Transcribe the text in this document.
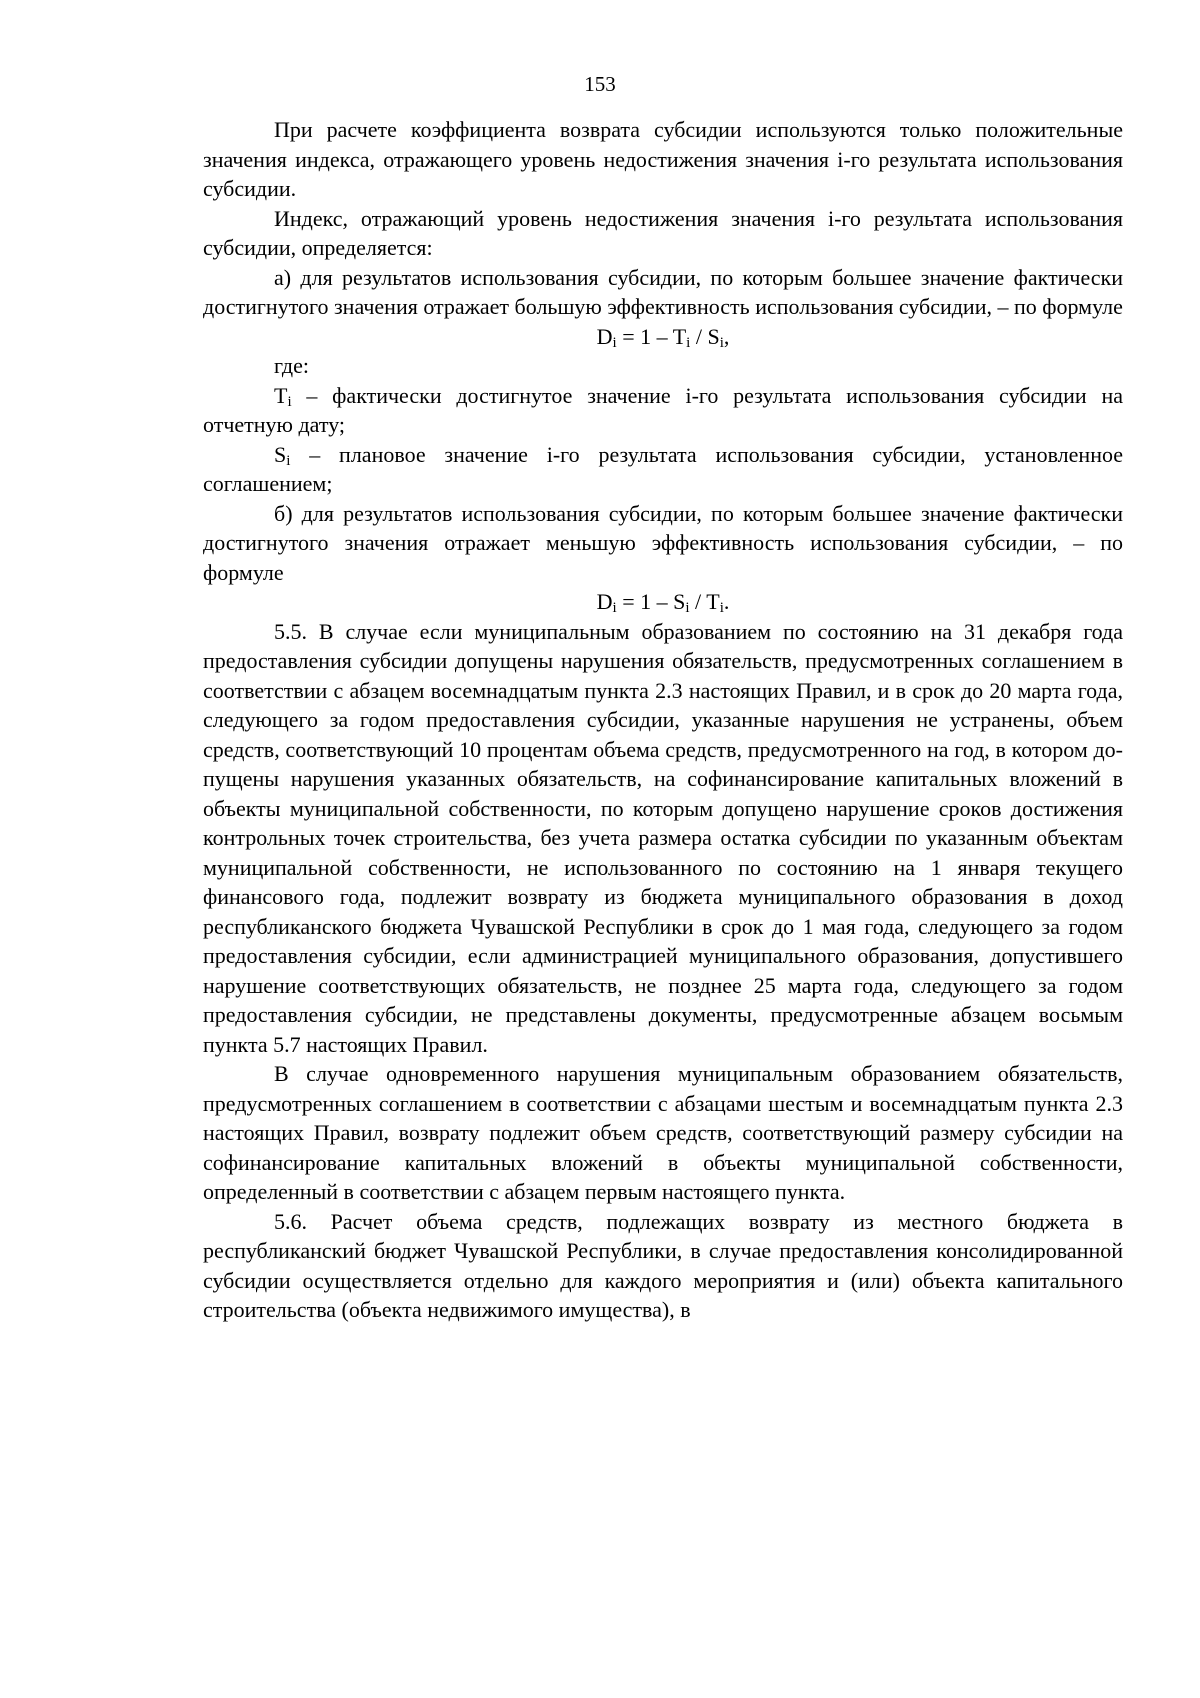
153

При расчете коэффициента возврата субсидии используются только положительные значения индекса, отражающего уровень недостижения значения i-го результата использования субсидии.

Индекс, отражающий уровень недостижения значения i-го результата использования субсидии, определяется:

а) для результатов использования субсидии, по которым большее значение фактически достигнутого значения отражает большую эффективность использования субсидии, – по формуле

$D_i = 1 - T_i / S_i$,

где:

$T_i$ – фактически достигнутое значение i-го результата использования субсидии на отчетную дату;

$S_i$ – плановое значение i-го результата использования субсидии, установленное соглашением;

б) для результатов использования субсидии, по которым большее значение фактически достигнутого значения отражает меньшую эффективность использования субсидии, – по формуле

$D_i = 1 - S_i / T_i$.

5.5. В случае если муниципальным образованием по состоянию на 31 декабря года предоставления субсидии допущены нарушения обязательств, предусмотренных соглашением в соответствии с абзацем восемнадцатым пункта 2.3 настоящих Правил, и в срок до 20 марта года, следующего за годом предоставления субсидии, указанные нарушения не устранены, объем средств, соответствующий 10 процентам объема средств, предусмотренного на год, в котором допущены нарушения указанных обязательств, на софинансирование капитальных вложений в объекты муниципальной собственности, по которым допущено нарушение сроков достижения контрольных точек строительства, без учета размера остатка субсидии по указанным объектам муниципальной собственности, не использованного по состоянию на 1 января текущего финансового года, подлежит возврату из бюджета муниципального образования в доход республиканского бюджета Чувашской Республики в срок до 1 мая года, следующего за годом предоставления субсидии, если администрацией муниципального образования, допустившего нарушение соответствующих обязательств, не позднее 25 марта года, следующего за годом предоставления субсидии, не представлены документы, предусмотренные абзацем восьмым пункта 5.7 настоящих Правил.

В случае одновременного нарушения муниципальным образованием обязательств, предусмотренных соглашением в соответствии с абзацами шестым и восемнадцатым пункта 2.3 настоящих Правил, возврату подлежит объем средств, соответствующий размеру субсидии на софинансирование капитальных вложений в объекты муниципальной собственности, определенный в соответствии с абзацем первым настоящего пункта.

5.6. Расчет объема средств, подлежащих возврату из местного бюджета в республиканский бюджет Чувашской Республики, в случае предоставления консолидированной субсидии осуществляется отдельно для каждого мероприятия и (или) объекта капитального строительства (объекта недвижимого имущества), в
